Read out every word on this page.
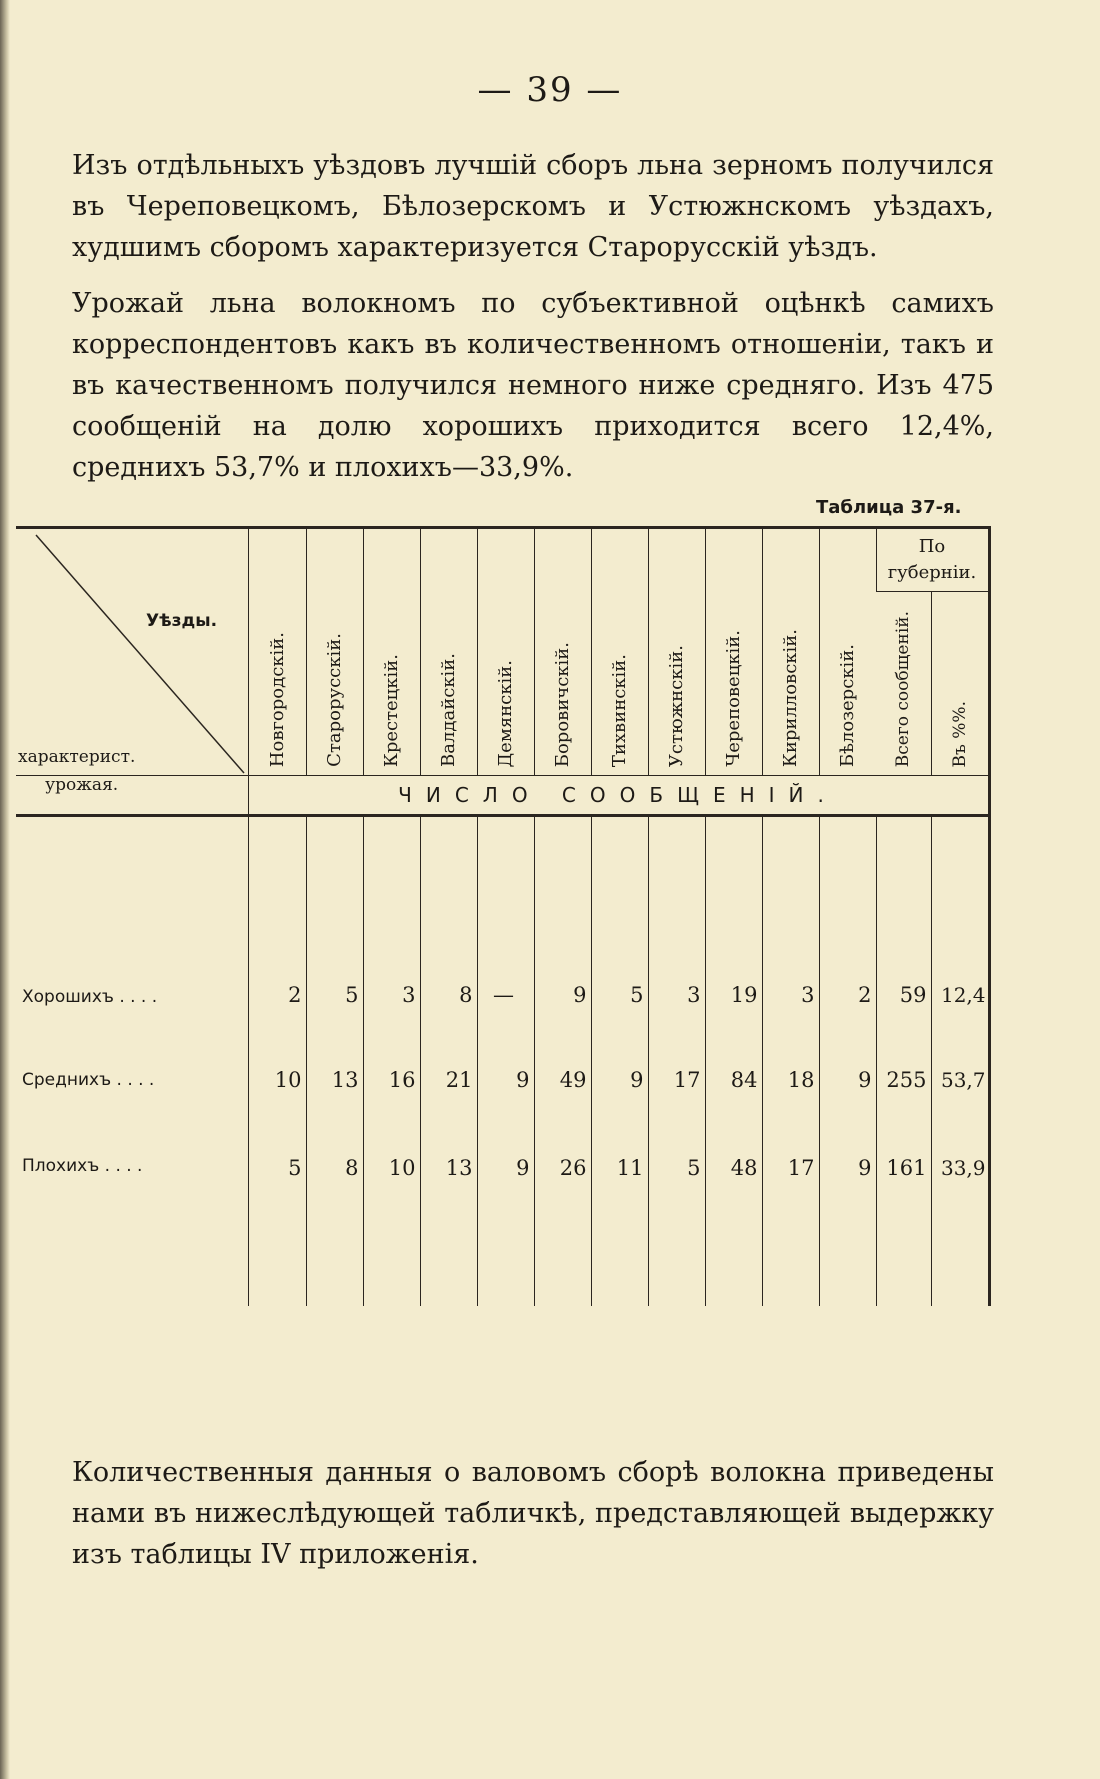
— 39 —

Изъ отдѣльныхъ уѣздовъ лучшій сборъ льна зерномъ получился въ Череповецкомъ, Бѣлозерскомъ и Устюжнскомъ уѣздахъ, худшимъ сборомъ характеризуется Старорусскій уѣздъ.

Урожай льна волокномъ по субъективной оцѣнкѣ самихъ корреспондентовъ какъ въ количественномъ отношеніи, такъ и въ качественномъ получился немного ниже средняго. Изъ 475 сообщеній на долю хорошихъ приходится всего 12,4%, среднихъ 53,7% и плохихъ—33,9%.

Таблица 37-я.
Уѣзды.
характерист.
урожая.	Новгородскій.	Старорусскій.	Крестецкій.	Валдайскій.	Демянскій.	Боровичскій.	Тихвинскій.	Устюжнскій.	Череповецкій.	Кирилловскій.	Бѣлозерскій.	По губерніи.	

												Всего сообщеній.	Въ %%.

	ЧИСЛО СООБЩЕНІЙ.												
Хорошихъ . . . .	2	5	3	8	—	9	5	3	19	3	2	59	12,4
Среднихъ . . . .	10	13	16	21	9	49	9	17	84	18	9	255	53,7
Плохихъ . . . .	5	8	10	13	9	26	11	5	48	17	9	161	33,9

Количественныя данныя о валовомъ сборѣ волокна приведены нами въ нижеслѣдующей табличкѣ, представляющей выдержку изъ таблицы IV приложенія.
